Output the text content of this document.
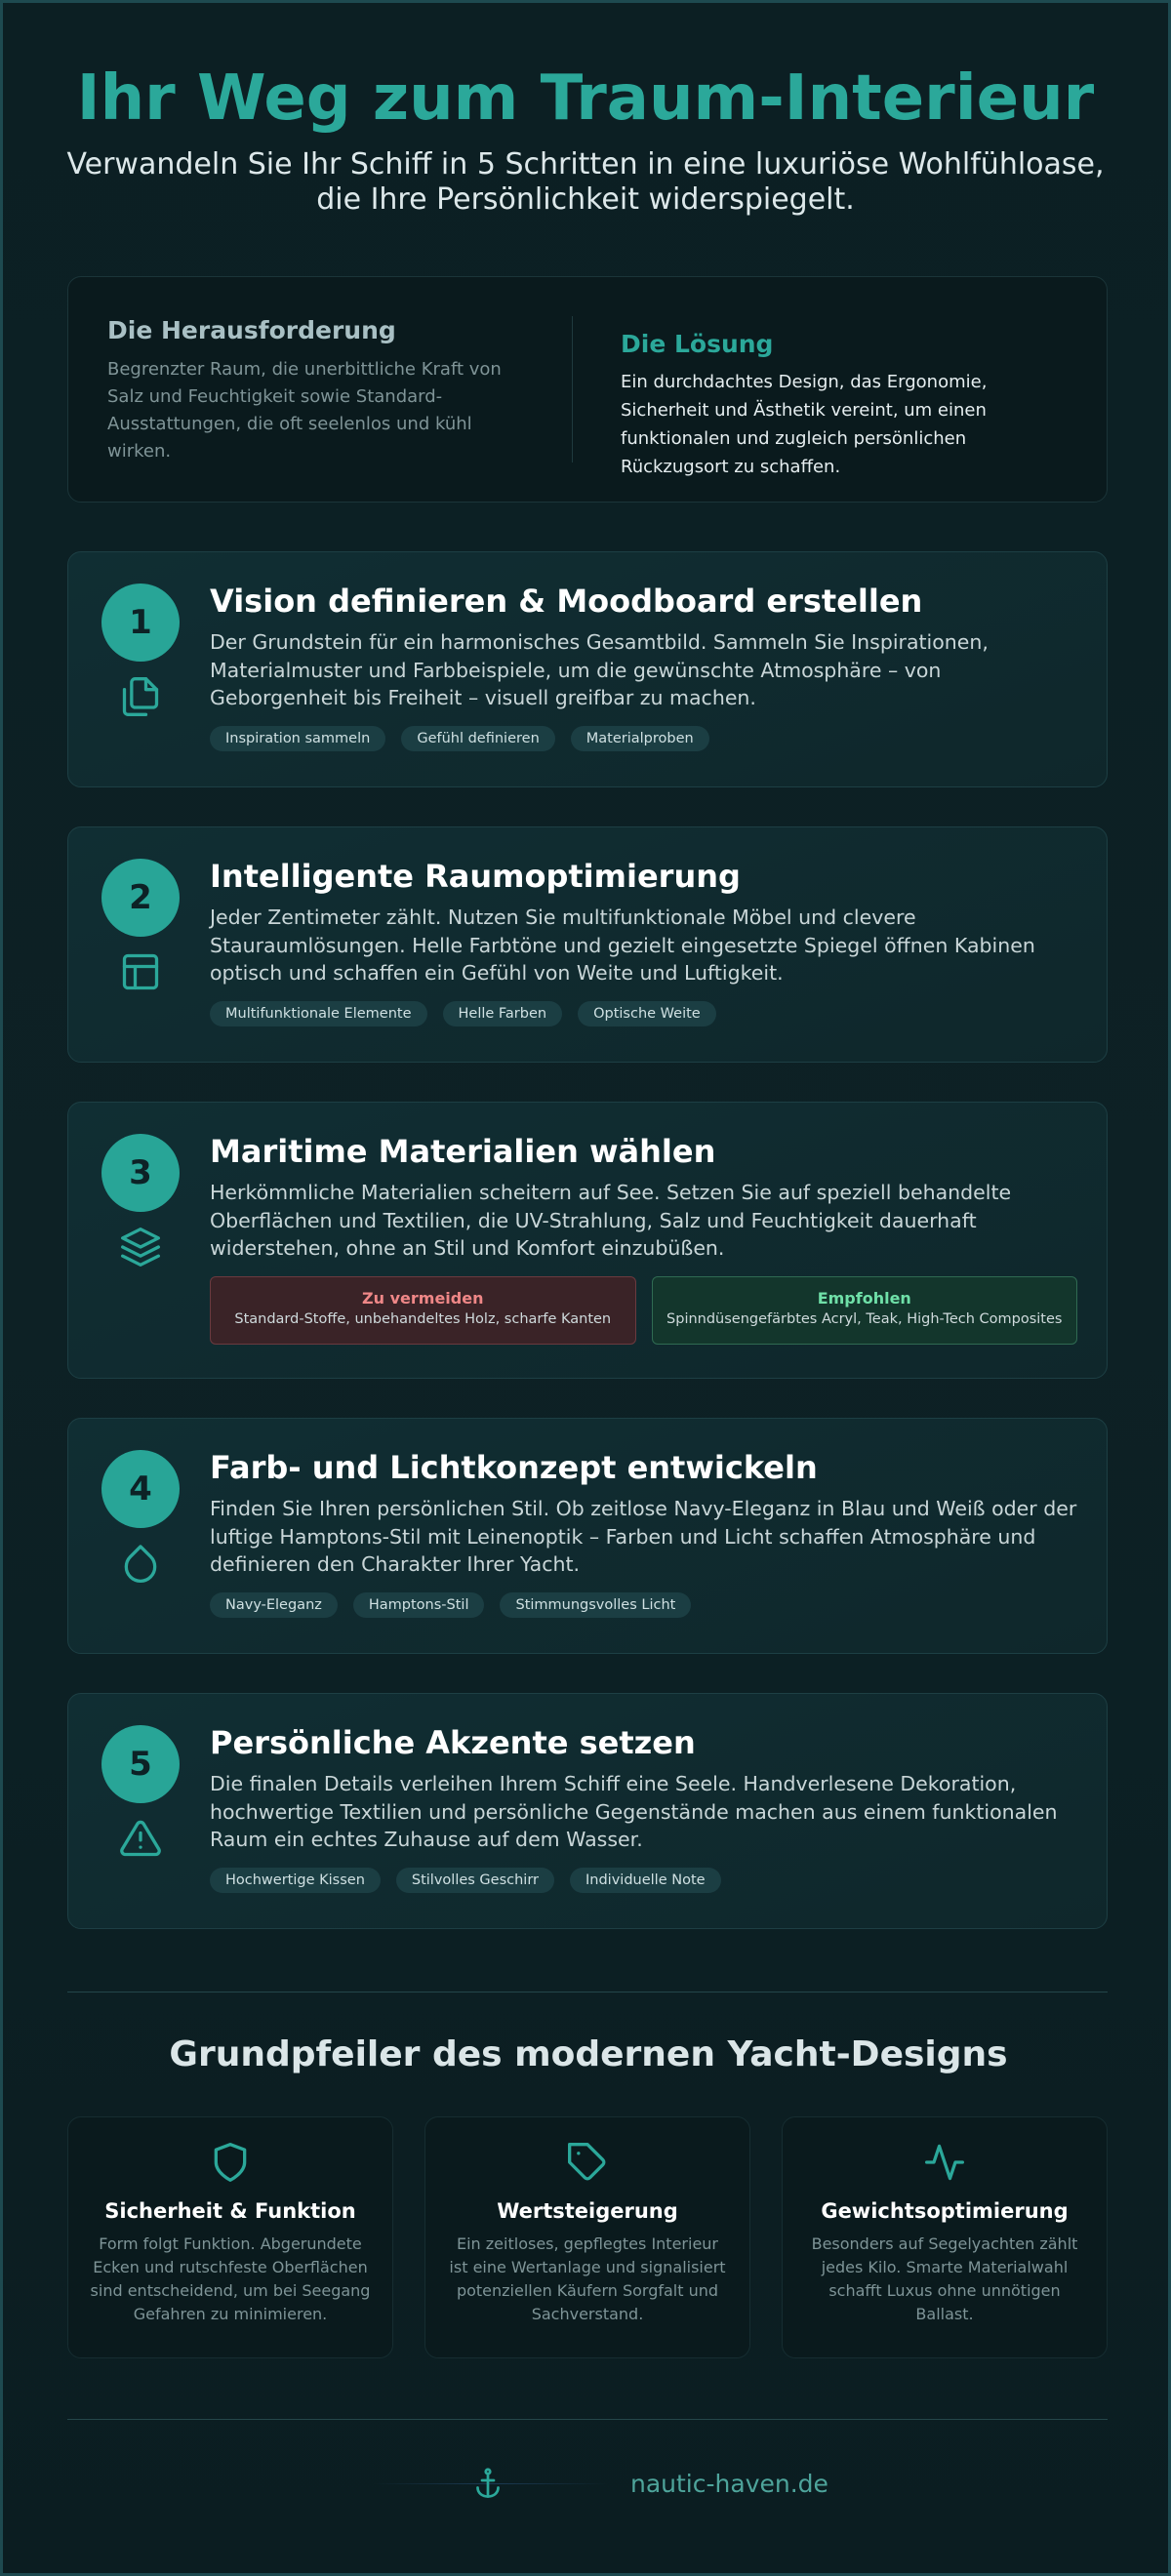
Ihr Weg zum Traum-Interieur

Verwandeln Sie Ihr Schiff in 5 Schritten in eine luxuriöse Wohlfühloase, die Ihre Persönlichkeit widerspiegelt.

Die Herausforderung

Begrenzter Raum, die unerbittliche Kraft von Salz und Feuchtigkeit sowie Standard-Ausstattungen, die oft seelenlos und kühl wirken.

Die Lösung

Ein durchdachtes Design, das Ergonomie, Sicherheit und Ästhetik vereint, um einen funktionalen und zugleich persönlichen Rückzugsort zu schaffen.

1
Vision definieren & Moodboard erstellen

Der Grundstein für ein harmonisches Gesamtbild. Sammeln Sie Inspirationen, Materialmuster und Farbbeispiele, um die gewünschte Atmosphäre – von Geborgenheit bis Freiheit – visuell greifbar zu machen.

Inspiration sammeln	Gefühl definieren	Materialproben
2
Intelligente Raumoptimierung

Jeder Zentimeter zählt. Nutzen Sie multifunktionale Möbel und clevere Stauraumlösungen. Helle Farbtöne und gezielt eingesetzte Spiegel öffnen Kabinen optisch und schaffen ein Gefühl von Weite und Luftigkeit.

Multifunktionale Elemente	Helle Farben	Optische Weite
3
Maritime Materialien wählen

Herkömmliche Materialien scheitern auf See. Setzen Sie auf speziell behandelte Oberflächen und Textilien, die UV-Strahlung, Salz und Feuchtigkeit dauerhaft widerstehen, ohne an Stil und Komfort einzubüßen.

Zu vermeiden
Standard-Stoffe, unbehandeltes Holz, scharfe Kanten
Empfohlen
Spinndüsengefärbtes Acryl, Teak, High-Tech Composites
4
Farb- und Lichtkonzept entwickeln

Finden Sie Ihren persönlichen Stil. Ob zeitlose Navy-Eleganz in Blau und Weiß oder der luftige Hamptons-Stil mit Leinenoptik – Farben und Licht schaffen Atmosphäre und definieren den Charakter Ihrer Yacht.

Navy-Eleganz	Hamptons-Stil	Stimmungsvolles Licht
5
Persönliche Akzente setzen

Die finalen Details verleihen Ihrem Schiff eine Seele. Handverlesene Dekoration, hochwertige Textilien und persönliche Gegenstände machen aus einem funktionalen Raum ein echtes Zuhause auf dem Wasser.

Hochwertige Kissen	Stilvolles Geschirr	Individuelle Note
Grundpfeiler des modernen Yacht-Designs
Sicherheit & Funktion

Form folgt Funktion. Abgerundete Ecken und rutschfeste Oberflächen sind entscheidend, um bei Seegang Gefahren zu minimieren.

Wertsteigerung

Ein zeitloses, gepflegtes Interieur ist eine Wertanlage und signalisiert potenziellen Käufern Sorgfalt und Sachverstand.

Gewichtsoptimierung

Besonders auf Segelyachten zählt jedes Kilo. Smarte Materialwahl schafft Luxus ohne unnötigen Ballast.

nautic-haven.de
